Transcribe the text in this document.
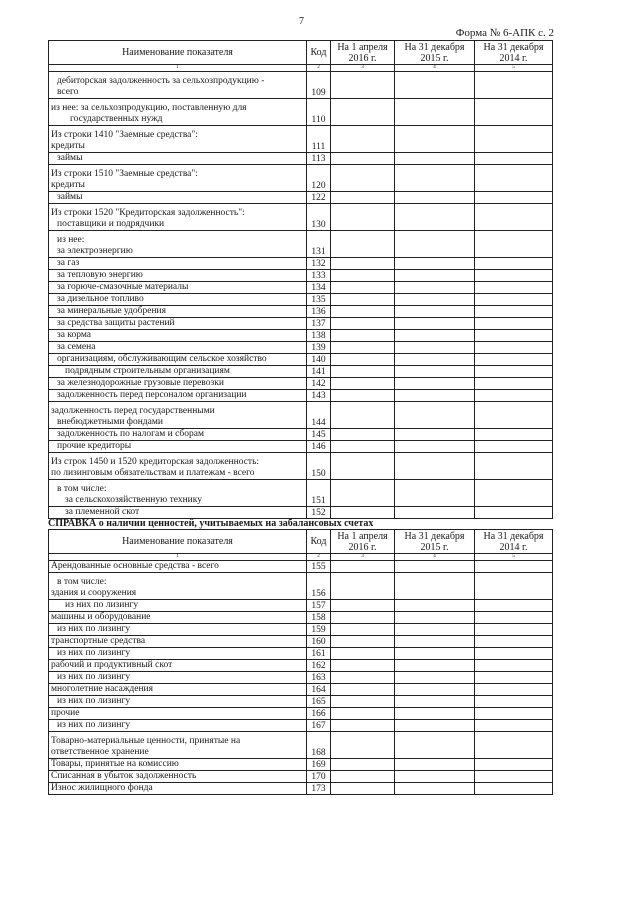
7
Форма № 6-АПК с. 2
Наименование показателя	Код	На 1 апреля 2016 г.	На 31 декабря 2015 г.	На 31 декабря 2014 г.
1	2	3	4	5

дебиторская задолженность за сельхозпродукцию -
всего	109			

из нее: за сельхозпродукцию, поставленную для
государственных нужд	110			

Из строки 1410 "Заемные средства":
кредиты	111			

займы	113			

Из строки 1510 "Заемные средства":
кредиты	120			

займы	122			

Из строки 1520 "Кредиторская задолженность":
поставщики и подрядчики	130			

из нее:
за электроэнергию	131			

за газ	132			

за тепловую энергию	133			

за горюче-смазочные материалы	134			

за дизельное топливо	135			

за минеральные удобрения	136			

за средства защиты растений	137			

за корма	138			

за семена	139			

организациям, обслуживающим сельское хозяйство	140			

подрядным строительным организациям	141			

за железнодорожные грузовые перевозки	142			

задолженность перед персоналом организации	143			

задолженность перед государственными
внебюджетными фондами	144			

задолженность по налогам и сборам	145			

прочие кредиторы	146			

Из строк 1450 и 1520 кредиторская задолженность:
по лизинговым обязательствам и платежам - всего	150			

в том числе:
за сельскохозяйственную технику	151			

за племенной скот	152			
СПРАВКА о наличии ценностей, учитываемых на забалансовых счетах
Наименование показателя	Код	На 1 апреля 2016 г.	На 31 декабря 2015 г.	На 31 декабря 2014 г.
1	2	3	4	5

Арендованные основные средства - всего	155			

в том числе:
здания и сооружения	156			

из них по лизингу	157			

машины и оборудование	158			

из них по лизингу	159			

транспортные средства	160			

из них по лизингу	161			

рабочий и продуктивный скот	162			

из них по лизингу	163			

многолетние насаждения	164			

из них по лизингу	165			

прочие	166			

из них по лизингу	167			

Товарно-материальные ценности, принятые на
ответственное хранение	168			

Товары, принятые на комиссию	169			

Списанная в убыток задолженность	170			

Износ жилищного фонда	173			
